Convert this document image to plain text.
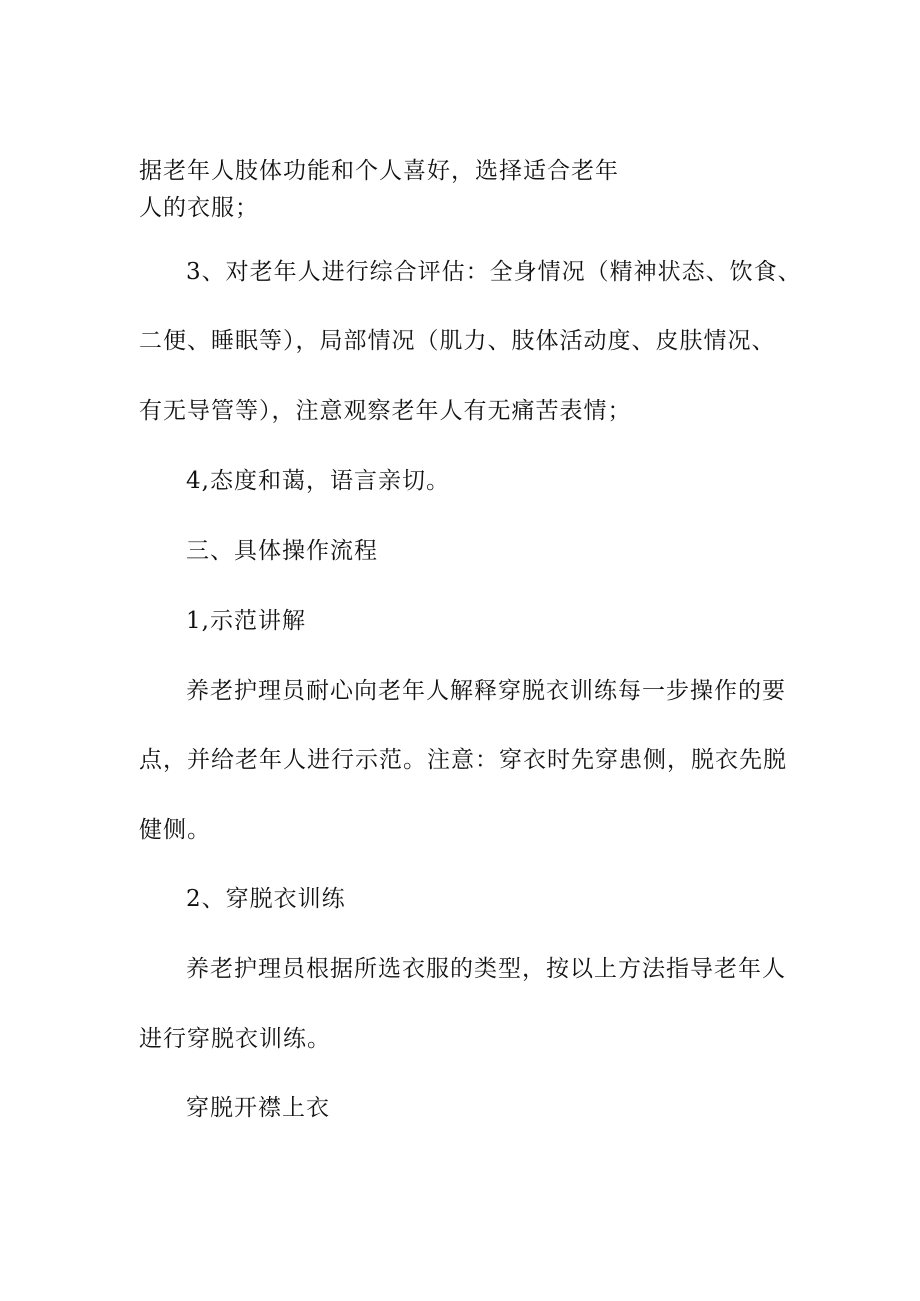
据老年人肢体功能和个人喜好，选择适合老年
人的衣服；
3、对老年人进行综合评估：全身情况（精神状态、饮食、
二便、睡眠等），局部情况（肌力、肢体活动度、皮肤情况、
有无导管等），注意观察老年人有无痛苦表情；
4,态度和蔼，语言亲切。
三、具体操作流程
1,示范讲解
养老护理员耐心向老年人解释穿脱衣训练每一步操作的要
点，并给老年人进行示范。注意：穿衣时先穿患侧，脱衣先脱
健侧。
2、穿脱衣训练
养老护理员根据所选衣服的类型，按以上方法指导老年人
进行穿脱衣训练。
穿脱开襟上衣
